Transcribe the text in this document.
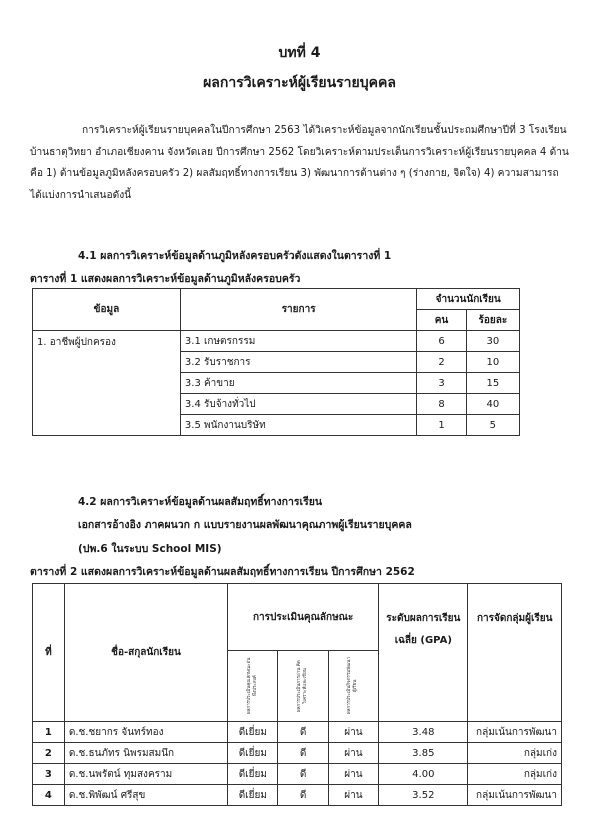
บทที่ 4
ผลการวิเคราะห์ผู้เรียนรายบุคคล
การวิเคราะห์ผู้เรียนรายบุคคลในปีการศึกษา 2563 ได้วิเคราะห์ข้อมูลจากนักเรียนชั้นประถมศึกษาปีที่ 3 โรงเรียนบ้านธาตุวิทยา อำเภอเชียงคาน จังหวัดเลย ปีการศึกษา 2562 โดยวิเคราะห์ตามประเด็นการวิเคราะห์ผู้เรียนรายบุคคล 4 ด้านคือ 1) ด้านข้อมูลภูมิหลังครอบครัว 2) ผลสัมฤทธิ์ทางการเรียน 3) พัฒนาการด้านต่าง ๆ (ร่างกาย, จิตใจ) 4) ความสามารถ ได้แบ่งการนำเสนอดังนี้
4.1 ผลการวิเคราะห์ข้อมูลด้านภูมิหลังครอบครัวดังแสดงในตารางที่ 1
ตารางที่ 1 แสดงผลการวิเคราะห์ข้อมูลด้านภูมิหลังครอบครัว
ข้อมูล	รายการ	จำนวนนักเรียน	
		คน	ร้อยละ
1. อาชีพผู้ปกครอง	3.1 เกษตรกรรม	6	30
	3.2 รับราชการ	2	10
	3.3 ค้าขาย	3	15
	3.4 รับจ้างทั่วไป	8	40
	3.5 พนักงานบริษัท	1	5
4.2 ผลการวิเคราะห์ข้อมูลด้านผลสัมฤทธิ์ทางการเรียน
เอกสารอ้างอิง ภาคผนวก ก แบบรายงานผลพัฒนาคุณภาพผู้เรียนรายบุคคล
(ปพ.6 ในระบบ School MIS)
ตารางที่ 2 แสดงผลการวิเคราะห์ข้อมูลด้านผลสัมฤทธิ์ทางการเรียน ปีการศึกษา 2562
ที่	ชื่อ-สกุลนักเรียน	การประเมินคุณลักษณะ			ระดับผลการเรียนเฉลี่ย (GPA)	การจัดกลุ่มผู้เรียน

		ผลการประเมินคุณลักษณะอันพึงประสงค์	ผลการประเมินการอ่าน คิดวิเคราะห์และเขียน	ผลการประเมินกิจกรรมพัฒนาผู้เรียน		

1	ด.ช.ชยากร จันทร์ทอง	ดีเยี่ยม	ดี	ผ่าน	3.48	กลุ่มเน้นการพัฒนา
2	ด.ช.ธนภัทร นิพรมสมนึก	ดีเยี่ยม	ดี	ผ่าน	3.85	กลุ่มเก่ง
3	ด.ช.นพรัตน์ ทุมสงคราม	ดีเยี่ยม	ดี	ผ่าน	4.00	กลุ่มเก่ง
4	ด.ช.พิพัฒน์ ศรีสุข	ดีเยี่ยม	ดี	ผ่าน	3.52	กลุ่มเน้นการพัฒนา
